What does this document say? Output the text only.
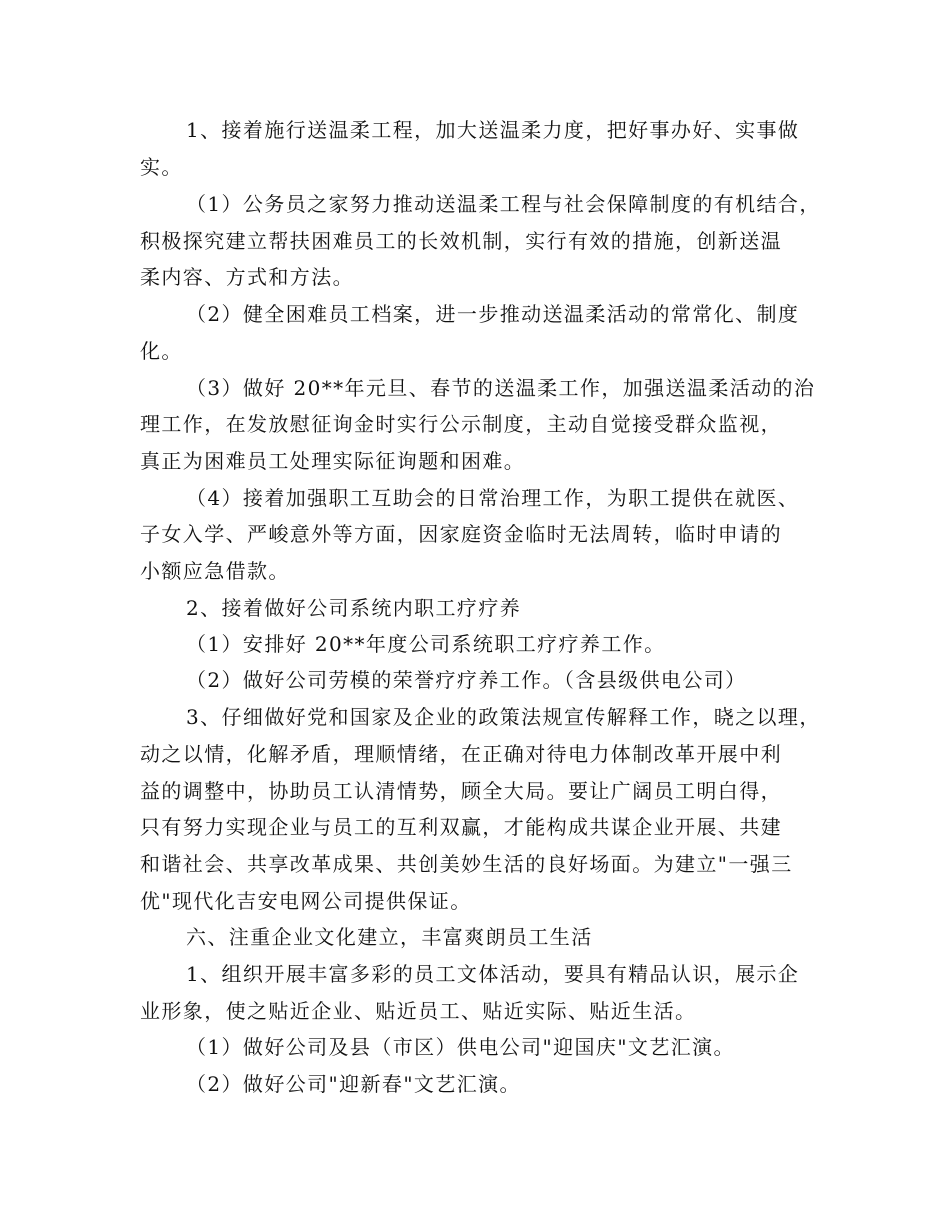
1、接着施行送温柔工程，加大送温柔力度，把好事办好、实事做
实。
（1）公务员之家努力推动送温柔工程与社会保障制度的有机结合，
积极探究建立帮扶困难员工的长效机制，实行有效的措施，创新送温
柔内容、方式和方法。
（2）健全困难员工档案，进一步推动送温柔活动的常常化、制度
化。
（3）做好 20**年元旦、春节的送温柔工作，加强送温柔活动的治
理工作，在发放慰征询金时实行公示制度，主动自觉接受群众监视，
真正为困难员工处理实际征询题和困难。
（4）接着加强职工互助会的日常治理工作，为职工提供在就医、
子女入学、严峻意外等方面，因家庭资金临时无法周转，临时申请的
小额应急借款。
2、接着做好公司系统内职工疗疗养
（1）安排好 20**年度公司系统职工疗疗养工作。
（2）做好公司劳模的荣誉疗疗养工作。（含县级供电公司）
3、仔细做好党和国家及企业的政策法规宣传解释工作，晓之以理，
动之以情，化解矛盾，理顺情绪，在正确对待电力体制改革开展中利
益的调整中，协助员工认清情势，顾全大局。要让广阔员工明白得，
只有努力实现企业与员工的互利双赢，才能构成共谋企业开展、共建
和谐社会、共享改革成果、共创美妙生活的良好场面。为建立"一强三
优"现代化吉安电网公司提供保证。
六、注重企业文化建立，丰富爽朗员工生活
1、组织开展丰富多彩的员工文体活动，要具有精品认识，展示企
业形象，使之贴近企业、贴近员工、贴近实际、贴近生活。
（1）做好公司及县（市区）供电公司"迎国庆"文艺汇演。
（2）做好公司"迎新春"文艺汇演。
